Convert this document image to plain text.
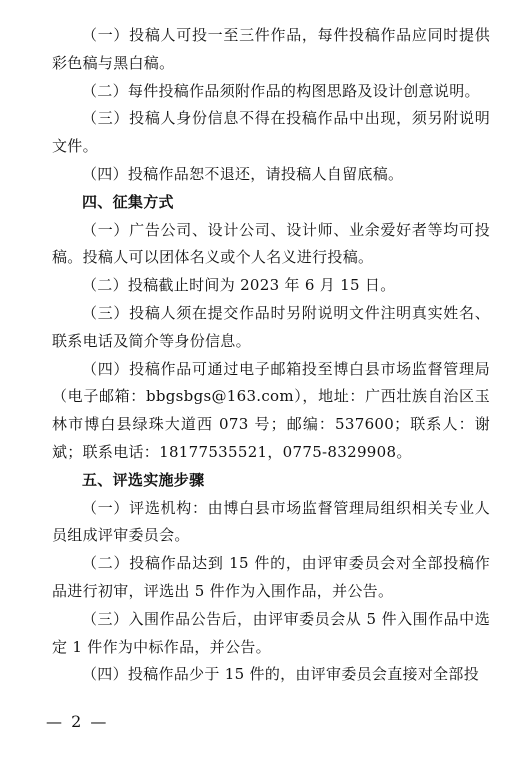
（一）投稿人可投一至三件作品，每件投稿作品应同时提供彩色稿与黑白稿。

（二）每件投稿作品须附作品的构图思路及设计创意说明。

（三）投稿人身份信息不得在投稿作品中出现，须另附说明文件。

（四）投稿作品恕不退还，请投稿人自留底稿。

四、征集方式

（一）广告公司、设计公司、设计师、业余爱好者等均可投稿。投稿人可以团体名义或个人名义进行投稿。

（二）投稿截止时间为 2023 年 6 月 15 日。

（三）投稿人须在提交作品时另附说明文件注明真实姓名、联系电话及简介等身份信息。

（四）投稿作品可通过电子邮箱投至博白县市场监督管理局（电子邮箱：bbgsbgs@163.com），地址：广西壮族自治区玉林市博白县绿珠大道西 073 号；邮编：537600；联系人：谢斌；联系电话：18177535521，0775-8329908。

五、评选实施步骤

（一）评选机构：由博白县市场监督管理局组织相关专业人员组成评审委员会。

（二）投稿作品达到 15 件的，由评审委员会对全部投稿作品进行初审，评选出 5 件作为入围作品，并公告。

（三）入围作品公告后，由评审委员会从 5 件入围作品中选定 1 件作为中标作品，并公告。

（四）投稿作品少于 15 件的，由评审委员会直接对全部投

— 2 —
